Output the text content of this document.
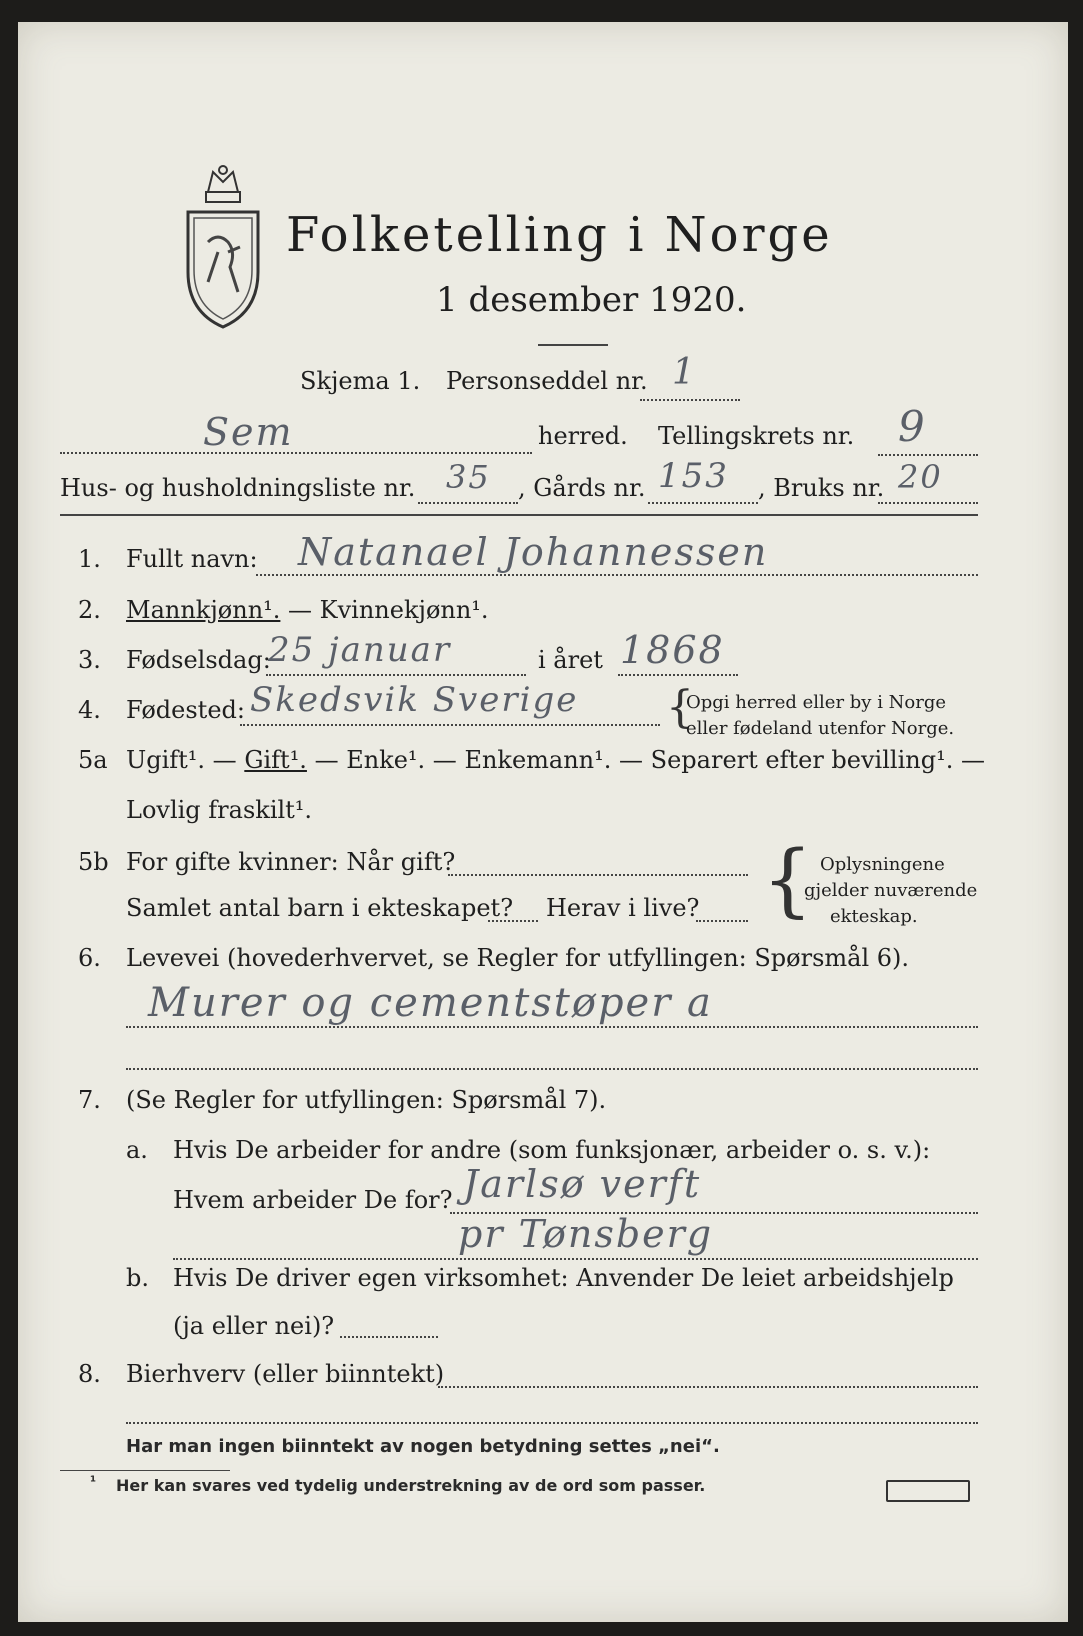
Folketelling i Norge
1 desember 1920.
Skjema 1. Personseddel nr. 1
Sem	herred. Tellingskrets nr. 9
Hus- og husholdningsliste nr. 35 , Gårds nr. 153 , Bruks nr. 20
1. Fullt navn: Natanael Johannessen
2. Mannkjønn¹. — Kvinnekjønn¹.
3. Fødselsdag:
25 januar	i året 1868
4. Fødested: Skedsvik Sverige {
Opgi herred eller by i Norge
eller fødeland utenfor Norge.
5a Ugift¹. — Gift¹. — Enke¹. — Enkemann¹. — Separert efter bevilling¹. —
Lovlig fraskilt¹.
5b For gifte kvinner: Når gift?
Samlet antal barn i ekteskapet? Herav i live? { Oplysningene
gjelder nuværende
ekteskap.
6. Levevei (hovederhvervet, se Regler for utfyllingen: Spørsmål 6).
Murer og cementstøper a
7. (Se Regler for utfyllingen: Spørsmål 7).
a. Hvis De arbeider for andre (som funksjonær, arbeider o. s. v.):
Hvem arbeider De for? Jarlsø verft
pr Tønsberg
b. Hvis De driver egen virksomhet: Anvender De leiet arbeidshjelp
(ja eller nei)?
8. Bierhverv (eller biinntekt)
Har man ingen biinntekt av nogen betydning settes „nei“.
¹ Her kan svares ved tydelig understrekning av de ord som passer.
